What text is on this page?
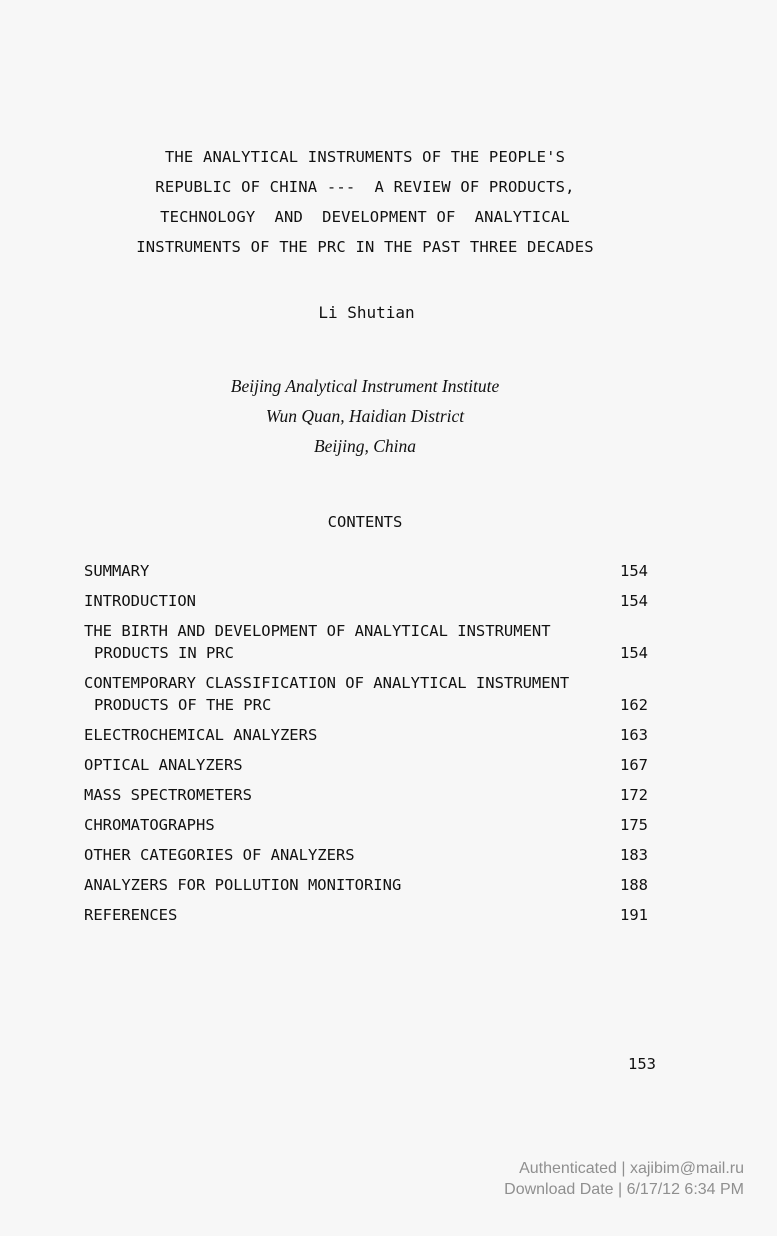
THE ANALYTICAL INSTRUMENTS OF THE PEOPLE'S
REPUBLIC OF CHINA ---  A REVIEW OF PRODUCTS,
TECHNOLOGY  AND  DEVELOPMENT OF  ANALYTICAL
INSTRUMENTS OF THE PRC IN THE PAST THREE DECADES
Li Shutian
Beijing Analytical Instrument Institute
Wun Quan, Haidian District
Beijing, China
CONTENTS
SUMMARY	154
INTRODUCTION	154
THE BIRTH AND DEVELOPMENT OF ANALYTICAL INSTRUMENT
PRODUCTS IN PRC	154
CONTEMPORARY CLASSIFICATION OF ANALYTICAL INSTRUMENT
PRODUCTS OF THE PRC	162
ELECTROCHEMICAL ANALYZERS	163
OPTICAL ANALYZERS	167
MASS SPECTROMETERS	172
CHROMATOGRAPHS	175
OTHER CATEGORIES OF ANALYZERS	183
ANALYZERS FOR POLLUTION MONITORING	188
REFERENCES	191
153
Authenticated | xajibim@mail.ru
Download Date | 6/17/12 6:34 PM
